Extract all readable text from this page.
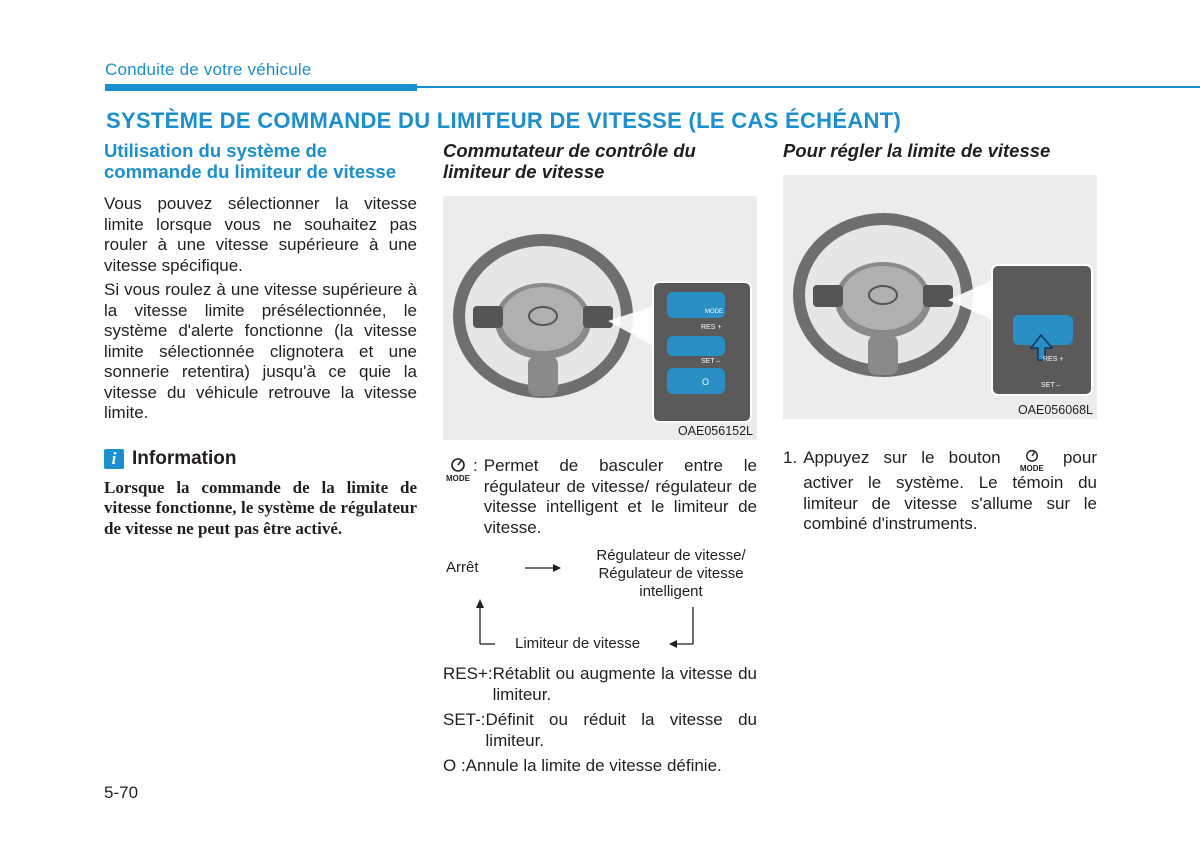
Conduite de votre véhicule
SYSTÈME DE COMMANDE DU LIMITEUR DE VITESSE (LE CAS ÉCHÉANT)
Utilisation du système de commande du limiteur de vitesse

Vous pouvez sélectionner la vitesse limite lorsque vous ne souhaitez pas rouler à une vitesse supérieure à une vitesse spécifique.

Si vous roulez à une vitesse supérieure à la vitesse limite présélectionnée, le système d'alerte fonctionne (la vitesse limite sélectionnée clignotera et une sonnerie retentira) jusqu'à ce quie la vitesse du véhicule retrouve la vitesse limite.

i Information
Lorsque la commande de la limite de vitesse fonctionne, le système de régulateur de vitesse ne peut pas être activé.
Commutateur de contrôle du limiteur de vitesse
MODE
RES +
SET –
O
OAE056152L

MODE
: Permet de basculer entre le régulateur de vitesse/ régulateur de vitesse intelligent et le limiteur de vitesse.
Arrêt
Régulateur de vitesse/ Régulateur de vitesse intelligent
Limiteur de vitesse
RES+: Rétablit ou augmente la vitesse du limiteur.
SET-: Définit ou réduit la vitesse du limiteur.
O : Annule la limite de vitesse définie.
Pour régler la limite de vitesse
RES +
SET –
OAE056068L
1. Appuyez sur le bouton
MODE pour activer le système. Le témoin du limiteur de vitesse s'allume sur le combiné d'instruments.
5-70
